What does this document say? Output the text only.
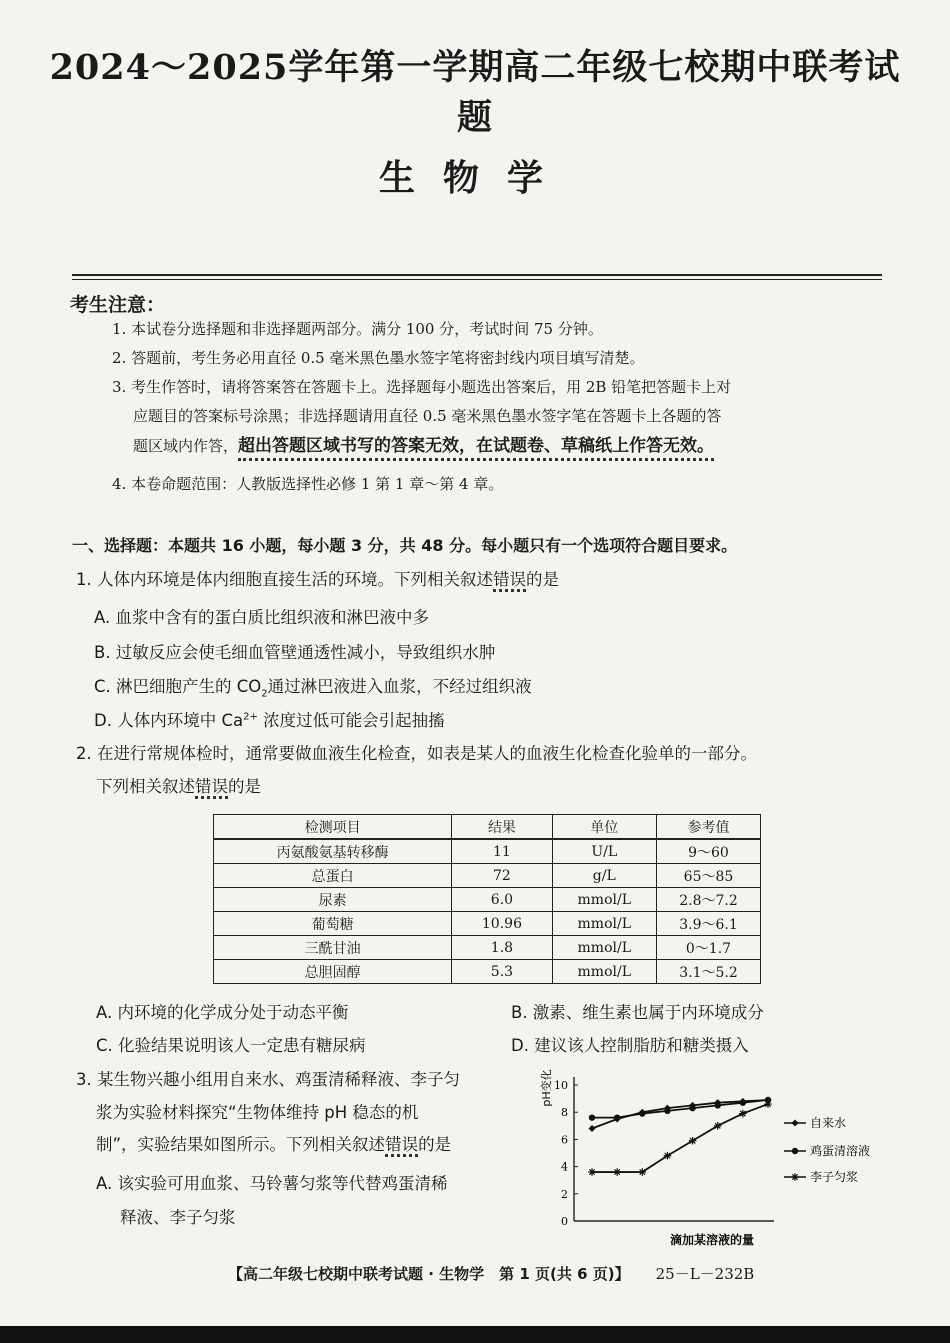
2024～2025学年第一学期高二年级七校期中联考试题
生物学
考生注意：
1. 本试卷分选择题和非选择题两部分。满分 100 分，考试时间 75 分钟。
2. 答题前，考生务必用直径 0.5 毫米黑色墨水签字笔将密封线内项目填写清楚。
3. 考生作答时，请将答案答在答题卡上。选择题每小题选出答案后，用 2B 铅笔把答题卡上对
应题目的答案标号涂黑；非选择题请用直径 0.5 毫米黑色墨水签字笔在答题卡上各题的答
题区域内作答，超出答题区域书写的答案无效，在试题卷、草稿纸上作答无效。
4. 本卷命题范围：人教版选择性必修 1 第 1 章～第 4 章。
一、选择题：本题共 16 小题，每小题 3 分，共 48 分。每小题只有一个选项符合题目要求。
1. 人体内环境是体内细胞直接生活的环境。下列相关叙述错误的是
A. 血浆中含有的蛋白质比组织液和淋巴液中多
B. 过敏反应会使毛细血管壁通透性减小，导致组织水肿
C. 淋巴细胞产生的 $CO_2$通过淋巴液进入血浆，不经过组织液
D. 人体内环境中 $Ca^{2+}$ 浓度过低可能会引起抽搐
2. 在进行常规体检时，通常要做血液生化检查，如表是某人的血液生化检查化验单的一部分。
下列相关叙述错误的是
检测项目	结果	单位	参考值
丙氨酸氨基转移酶	11	U/L	9～60
总蛋白	72	g/L	65～85
尿素	6.0	mmol/L	2.8～7.2
葡萄糖	10.96	mmol/L	3.9～6.1
三酰甘油	1.8	mmol/L	0～1.7
总胆固醇	5.3	mmol/L	3.1～5.2
A. 内环境的化学成分处于动态平衡	B. 激素、维生素也属于内环境成分
C. 化验结果说明该人一定患有糖尿病	D. 建议该人控制脂肪和糖类摄入
3. 某生物兴趣小组用自来水、鸡蛋清稀释液、李子匀
浆为实验材料探究“生物体维持 pH 稳态的机
制”，实验结果如图所示。下列相关叙述错误的是
A. 该实验可用血浆、马铃薯匀浆等代替鸡蛋清稀
释液、李子匀浆	0
2
4
6
8
10
pH变化
滴加某溶液的量
自来水
鸡蛋清溶液
李子匀浆
【高二年级七校期中联考试题 · 生物学　第 1 页(共 6 页)】 25－L－232B
